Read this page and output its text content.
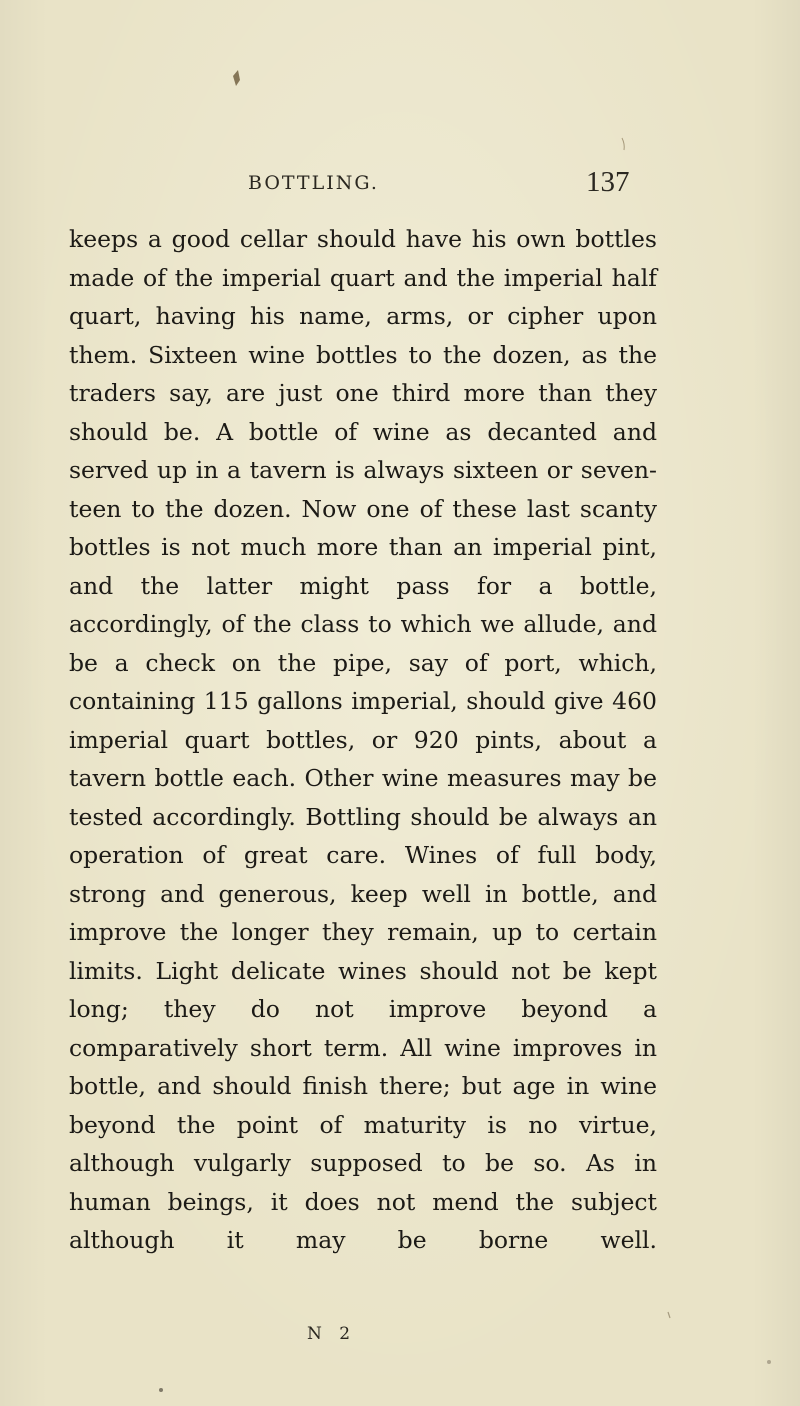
BOTTLING.	137

keeps a good cellar should have his own bottles made of the imperial quart and the imperial half quart, having his name, arms, or cipher upon them. Sixteen wine bottles to the dozen, as the traders say, are just one third more than they should be. A bottle of wine as decanted and served up in a tavern is always sixteen or seven-teen to the dozen. Now one of these last scanty bottles is not much more than an imperial pint, and the latter might pass for a bottle, accordingly, of the class to which we allude, and be a check on the pipe, say of port, which, containing 115 gallons imperial, should give 460 imperial quart bottles, or 920 pints, about a tavern bottle each. Other wine measures may be tested accordingly. Bottling should be always an operation of great care. Wines of full body, strong and generous, keep well in bottle, and improve the longer they remain, up to certain limits. Light delicate wines should not be kept long; they do not improve beyond a comparatively short term. All wine improves in bottle, and should finish there; but age in wine beyond the point of maturity is no virtue, although vulgarly supposed to be so. As in human beings, it does not mend the subject although it may be borne well.

N 2
